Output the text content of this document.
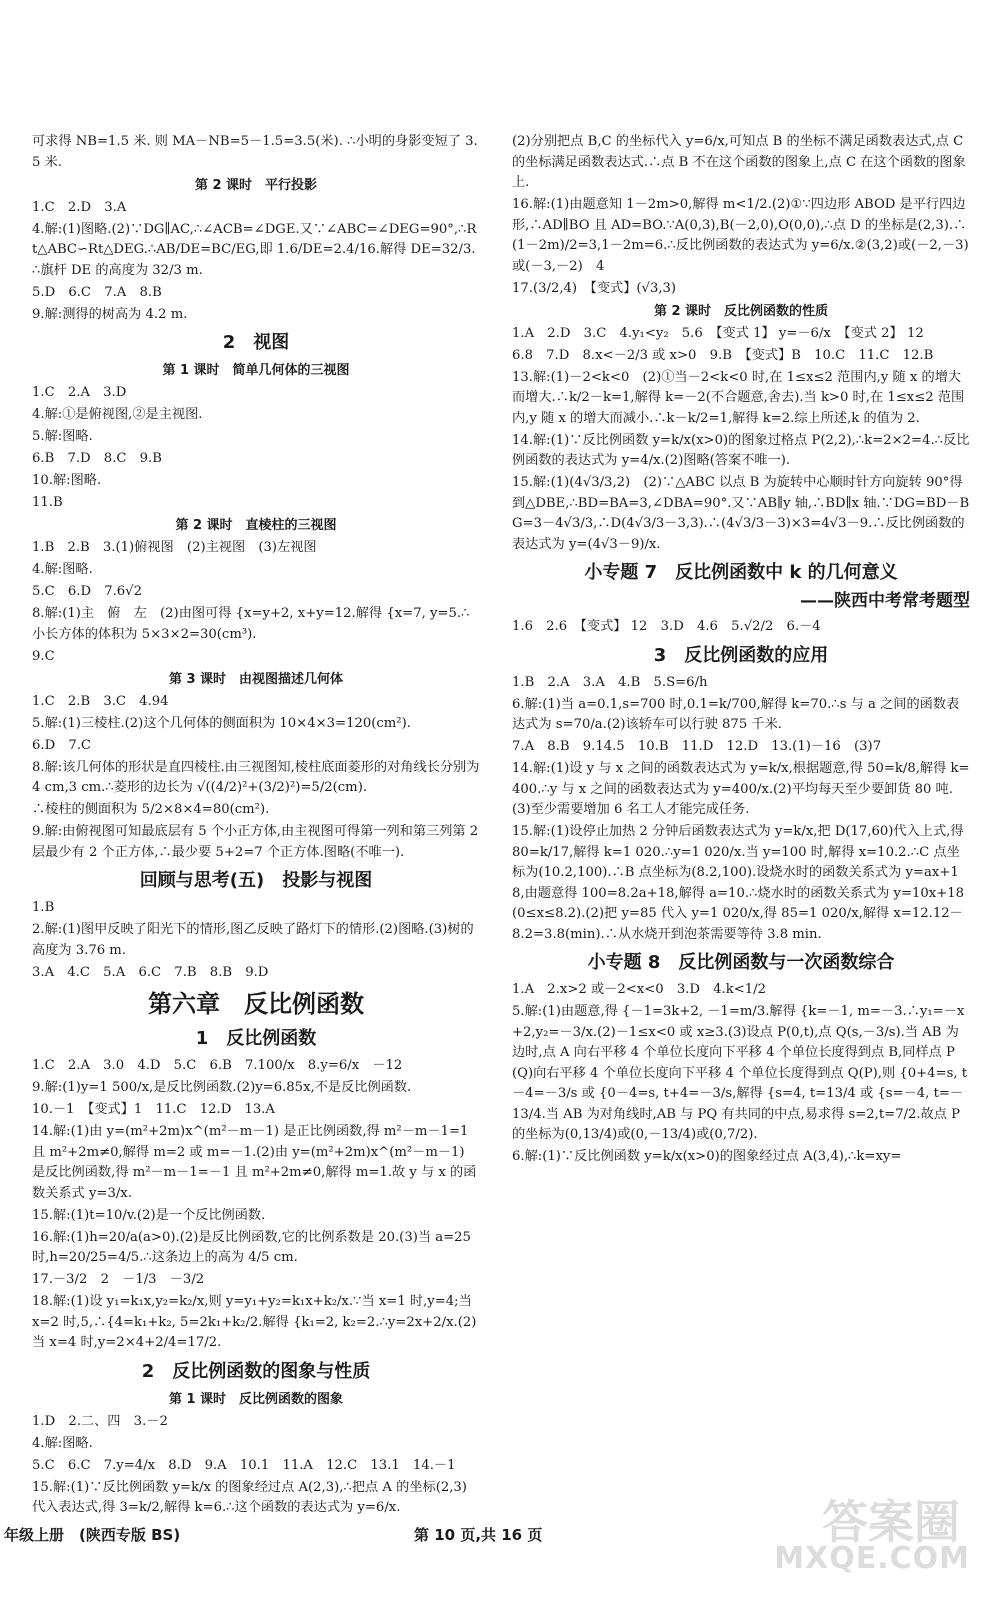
可求得 NB=1.5 米. 则 MA－NB=5－1.5=3.5(米). ∴小明的身影变短了 3.5 米.
第 2 课时　平行投影
1.C　2.D　3.A
4.解:(1)图略.(2)∵DG∥AC,∴∠ACB=∠DGE.又∵∠ABC=∠DEG=90°,∴Rt△ABC∽Rt△DEG.∴AB/DE=BC/EG,即 1.6/DE=2.4/16.解得 DE=32/3.∴旗杆 DE 的高度为 32/3 m.
5.D　6.C　7.A　8.B
9.解:测得的树高为 4.2 m.
2　视图
第 1 课时　简单几何体的三视图
1.C　2.A　3.D
4.解:①是俯视图,②是主视图.
5.解:图略.
6.B　7.D　8.C　9.B
10.解:图略.
11.B
第 2 课时　直棱柱的三视图
1.B　2.B　3.(1)俯视图　(2)主视图　(3)左视图
4.解:图略.
5.C　6.D　7.6√2
8.解:(1)主　俯　左　(2)由图可得 {x=y+2, x+y=12.解得 {x=7, y=5.∴小长方体的体积为 5×3×2=30(cm³).
9.C
第 3 课时　由视图描述几何体
1.C　2.B　3.C　4.94
5.解:(1)三棱柱.(2)这个几何体的侧面积为 10×4×3=120(cm²).
6.D　7.C
8.解:该几何体的形状是直四棱柱.由三视图知,棱柱底面菱形的对角线长分别为 4 cm,3 cm.∴菱形的边长为 √((4/2)²+(3/2)²)=5/2(cm).
∴棱柱的侧面积为 5/2×8×4=80(cm²).
9.解:由俯视图可知最底层有 5 个小正方体,由主视图可得第一列和第三列第 2 层最少有 2 个正方体,∴最少要 5+2=7 个正方体.图略(不唯一).
回顾与思考(五)　投影与视图
1.B
2.解:(1)图甲反映了阳光下的情形,图乙反映了路灯下的情形.(2)图略.(3)树的高度为 3.76 m.
3.A　4.C　5.A　6.C　7.B　8.B　9.D
第六章　反比例函数
1　反比例函数
1.C　2.A　3.0　4.D　5.C　6.B　7.100/x　8.y=6/x　－12
9.解:(1)y=1 500/x,是反比例函数.(2)y=6.85x,不是反比例函数.
10.－1　【变式】1　11.C　12.D　13.A
14.解:(1)由 y=(m²+2m)x^(m²－m－1) 是正比例函数,得 m²－m－1=1 且 m²+2m≠0,解得 m=2 或 m=－1.(2)由 y=(m²+2m)x^(m²－m－1) 是反比例函数,得 m²－m－1=－1 且 m²+2m≠0,解得 m=1.故 y 与 x 的函数关系式 y=3/x.
15.解:(1)t=10/v.(2)是一个反比例函数.
16.解:(1)h=20/a(a>0).(2)是反比例函数,它的比例系数是 20.(3)当 a=25 时,h=20/25=4/5.∴这条边上的高为 4/5 cm.
17.－3/2　2　－1/3　－3/2
18.解:(1)设 y₁=k₁x,y₂=k₂/x,则 y=y₁+y₂=k₁x+k₂/x.∵当 x=1 时,y=4;当 x=2 时,5,∴{4=k₁+k₂, 5=2k₁+k₂/2.解得 {k₁=2, k₂=2.∴y=2x+2/x.(2)当 x=4 时,y=2×4+2/4=17/2.
2　反比例函数的图象与性质
第 1 课时　反比例函数的图象
1.D　2.二、四　3.－2
4.解:图略.
5.C　6.C　7.y=4/x　8.D　9.A　10.1　11.A　12.C　13.1　14.－1
15.解:(1)∵反比例函数 y=k/x 的图象经过点 A(2,3),∴把点 A 的坐标(2,3)代入表达式,得 3=k/2,解得 k=6.∴这个函数的表达式为 y=6/x.
(2)分别把点 B,C 的坐标代入 y=6/x,可知点 B 的坐标不满足函数表达式,点 C 的坐标满足函数表达式.∴点 B 不在这个函数的图象上,点 C 在这个函数的图象上.
16.解:(1)由题意知 1－2m>0,解得 m<1/2.(2)①∵四边形 ABOD 是平行四边形,∴AD∥BO 且 AD=BO.∵A(0,3),B(－2,0),O(0,0),∴点 D 的坐标是(2,3).∴(1－2m)/2=3,1－2m=6.∴反比例函数的表达式为 y=6/x.②(3,2)或(－2,－3)或(－3,－2)　4
17.(3/2,4)　【变式】(√3,3)
第 2 课时　反比例函数的性质
1.A　2.D　3.C　4.y₁<y₂　5.6　【变式 1】 y=－6/x　【变式 2】 12
6.8　7.D　8.x<－2/3 或 x>0　9.B　【变式】B　10.C　11.C　12.B
13.解:(1)－2<k<0　(2)①当－2<k<0 时,在 1≤x≤2 范围内,y 随 x 的增大而增大.∴k/2－k=1,解得 k=－2(不合题意,舍去).当 k>0 时,在 1≤x≤2 范围内,y 随 x 的增大而减小.∴k－k/2=1,解得 k=2.综上所述,k 的值为 2.
14.解:(1)∵反比例函数 y=k/x(x>0)的图象过格点 P(2,2),∴k=2×2=4.∴反比例函数的表达式为 y=4/x.(2)图略(答案不唯一).
15.解:(1)(4√3/3,2)　(2)∵△ABC 以点 B 为旋转中心顺时针方向旋转 90°得到△DBE,∴BD=BA=3,∠DBA=90°.又∵AB∥y 轴,∴BD∥x 轴.∵DG=BD－BG=3－4√3/3,∴D(4√3/3－3,3).∴(4√3/3－3)×3=4√3－9.∴反比例函数的表达式为 y=(4√3－9)/x.
小专题 7　反比例函数中 k 的几何意义
——陕西中考常考题型
1.6　2.6　【变式】 12　3.D　4.6　5.√2/2　6.－4
3　反比例函数的应用
1.B　2.A　3.A　4.B　5.S=6/h
6.解:(1)当 a=0.1,s=700 时,0.1=k/700,解得 k=70.∴s 与 a 之间的函数表达式为 s=70/a.(2)该轿车可以行驶 875 千米.
7.A　8.B　9.14.5　10.B　11.D　12.D　13.(1)－16　(3)7
14.解:(1)设 y 与 x 之间的函数表达式为 y=k/x,根据题意,得 50=k/8,解得 k=400.∴y 与 x 之间的函数表达式为 y=400/x.(2)平均每天至少要卸货 80 吨.(3)至少需要增加 6 名工人才能完成任务.
15.解:(1)设停止加热 2 分钟后函数表达式为 y=k/x,把 D(17,60)代入上式,得 80=k/17,解得 k=1 020.∴y=1 020/x.当 y=100 时,解得 x=10.2.∴C 点坐标为(10.2,100).∴B 点坐标为(8.2,100).设烧水时的函数关系式为 y=ax+18,由题意得 100=8.2a+18,解得 a=10.∴烧水时的函数关系式为 y=10x+18(0≤x≤8.2).(2)把 y=85 代入 y=1 020/x,得 85=1 020/x,解得 x=12.12－8.2=3.8(min).∴从水烧开到泡茶需要等待 3.8 min.
小专题 8　反比例函数与一次函数综合
1.A　2.x>2 或－2<x<0　3.D　4.k<1/2
5.解:(1)由题意,得 {－1=3k+2, －1=m/3.解得 {k=－1, m=－3.∴y₁=－x+2,y₂=－3/x.(2)－1≤x<0 或 x≥3.(3)设点 P(0,t),点 Q(s,－3/s).当 AB 为边时,点 A 向右平移 4 个单位长度向下平移 4 个单位长度得到点 B,同样点 P(Q)向右平移 4 个单位长度向下平移 4 个单位长度得到点 Q(P),则 {0+4=s, t－4=－3/s 或 {0－4=s, t+4=－3/s,解得 {s=4, t=13/4 或 {s=－4, t=－13/4.当 AB 为对角线时,AB 与 PQ 有共同的中点,易求得 s=2,t=7/2.故点 P 的坐标为(0,13/4)或(0,－13/4)或(0,7/2).
6.解:(1)∵反比例函数 y=k/x(x>0)的图象经过点 A(3,4),∴k=xy=
年级上册　(陕西专版 BS)	第 10 页,共 16 页	答案圈
MXQE.COM
